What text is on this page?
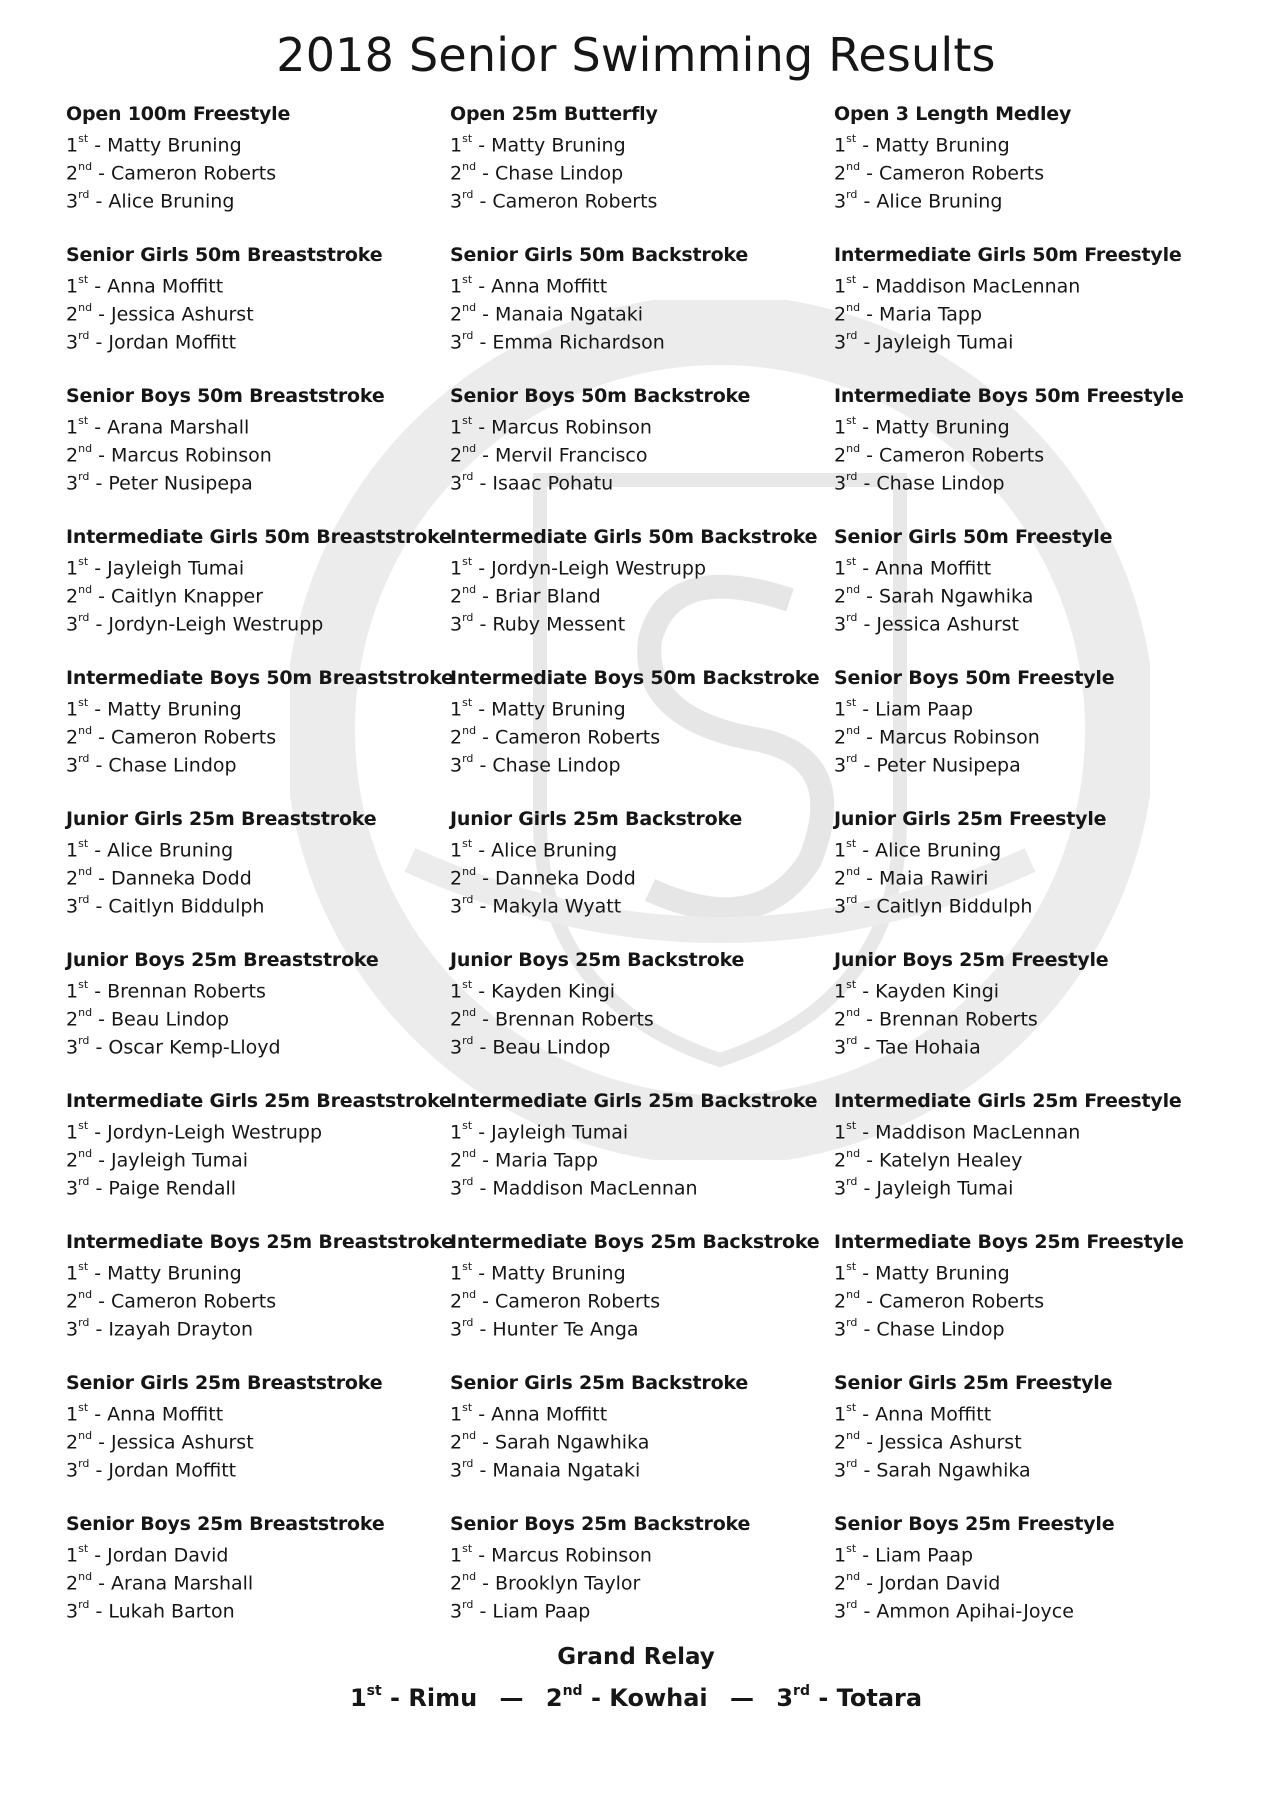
2018 Senior Swimming Results
Open 100m Freestyle
1st - Matty Bruning
2nd - Cameron Roberts
3rd - Alice Bruning
Open 25m Butterfly
1st - Matty Bruning
2nd - Chase Lindop
3rd - Cameron Roberts
Open 3 Length Medley
1st - Matty Bruning
2nd - Cameron Roberts
3rd - Alice Bruning
Senior Girls 50m Breaststroke
1st - Anna Moffitt
2nd - Jessica Ashurst
3rd - Jordan Moffitt
Senior Girls 50m Backstroke
1st - Anna Moffitt
2nd - Manaia Ngataki
3rd - Emma Richardson
Intermediate Girls 50m Freestyle
1st - Maddison MacLennan
2nd - Maria Tapp
3rd - Jayleigh Tumai
Senior Boys 50m Breaststroke
1st - Arana Marshall
2nd - Marcus Robinson
3rd - Peter Nusipepa
Senior Boys 50m Backstroke
1st - Marcus Robinson
2nd - Mervil Francisco
3rd - Isaac Pohatu
Intermediate Boys 50m Freestyle
1st - Matty Bruning
2nd - Cameron Roberts
3rd - Chase Lindop
Intermediate Girls 50m Breaststroke
1st - Jayleigh Tumai
2nd - Caitlyn Knapper
3rd - Jordyn-Leigh Westrupp
Intermediate Girls 50m Backstroke
1st - Jordyn-Leigh Westrupp
2nd - Briar Bland
3rd - Ruby Messent
Senior Girls 50m Freestyle
1st - Anna Moffitt
2nd - Sarah Ngawhika
3rd - Jessica Ashurst
Intermediate Boys 50m Breaststroke
1st - Matty Bruning
2nd - Cameron Roberts
3rd - Chase Lindop
Intermediate Boys 50m Backstroke
1st - Matty Bruning
2nd - Cameron Roberts
3rd - Chase Lindop
Senior Boys 50m Freestyle
1st - Liam Paap
2nd - Marcus Robinson
3rd - Peter Nusipepa
Junior Girls 25m Breaststroke
1st - Alice Bruning
2nd - Danneka Dodd
3rd - Caitlyn Biddulph
Junior Girls 25m Backstroke
1st - Alice Bruning
2nd - Danneka Dodd
3rd - Makyla Wyatt
Junior Girls 25m Freestyle
1st - Alice Bruning
2nd - Maia Rawiri
3rd - Caitlyn Biddulph
Junior Boys 25m Breaststroke
1st - Brennan Roberts
2nd - Beau Lindop
3rd - Oscar Kemp-Lloyd
Junior Boys 25m Backstroke
1st - Kayden Kingi
2nd - Brennan Roberts
3rd - Beau Lindop
Junior Boys 25m Freestyle
1st - Kayden Kingi
2nd - Brennan Roberts
3rd - Tae Hohaia
Intermediate Girls 25m Breaststroke
1st - Jordyn-Leigh Westrupp
2nd - Jayleigh Tumai
3rd - Paige Rendall
Intermediate Girls 25m Backstroke
1st - Jayleigh Tumai
2nd - Maria Tapp
3rd - Maddison MacLennan
Intermediate Girls 25m Freestyle
1st - Maddison MacLennan
2nd - Katelyn Healey
3rd - Jayleigh Tumai
Intermediate Boys 25m Breaststroke
1st - Matty Bruning
2nd - Cameron Roberts
3rd - Izayah Drayton
Intermediate Boys 25m Backstroke
1st - Matty Bruning
2nd - Cameron Roberts
3rd - Hunter Te Anga
Intermediate Boys 25m Freestyle
1st - Matty Bruning
2nd - Cameron Roberts
3rd - Chase Lindop
Senior Girls 25m Breaststroke
1st - Anna Moffitt
2nd - Jessica Ashurst
3rd - Jordan Moffitt
Senior Girls 25m Backstroke
1st - Anna Moffitt
2nd - Sarah Ngawhika
3rd - Manaia Ngataki
Senior Girls 25m Freestyle
1st - Anna Moffitt
2nd - Jessica Ashurst
3rd - Sarah Ngawhika
Senior Boys 25m Breaststroke
1st - Jordan David
2nd - Arana Marshall
3rd - Lukah Barton
Senior Boys 25m Backstroke
1st - Marcus Robinson
2nd - Brooklyn Taylor
3rd - Liam Paap
Senior Boys 25m Freestyle
1st - Liam Paap
2nd - Jordan David
3rd - Ammon Apihai-Joyce
Grand Relay
1st - Rimu — 2nd - Kowhai — 3rd - Totara
